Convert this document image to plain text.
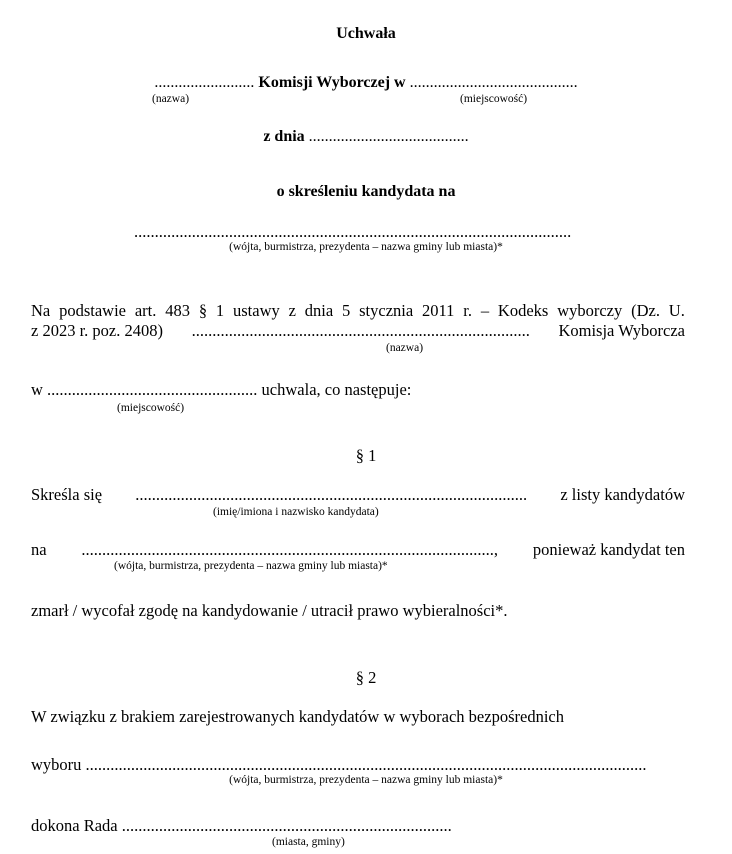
Uchwała
......................... Komisji Wyborczej w ..........................................
(nazwa)	(miejscowość)
z dnia ........................................
o skreśleniu kandydata na
..........................................................................................................
(wójta, burmistrza, prezydenta – nazwa gminy lub miasta)*
Na podstawie art. 483 § 1 ustawy z dnia 5 stycznia 2011 r. – Kodeks wyborczy (Dz. U.
z 2023 r. poz. 2408) .................................................................................. Komisja Wyborcza
(nazwa)
w ................................................... uchwala, co następuje:
(miejscowość)
§ 1
Skreśla się ............................................................................................... z listy kandydatów
(imię/imiona i nazwisko kandydata)
na ...................................................................................................., ponieważ kandydat ten
(wójta, burmistrza, prezydenta – nazwa gminy lub miasta)*
zmarł / wycofał zgodę na kandydowanie / utracił prawo wybieralności*.
§ 2
W związku z brakiem zarejestrowanych kandydatów w wyborach bezpośrednich
wyboru ........................................................................................................................................
(wójta, burmistrza, prezydenta – nazwa gminy lub miasta)*
dokona Rada ................................................................................
(miasta, gminy)
